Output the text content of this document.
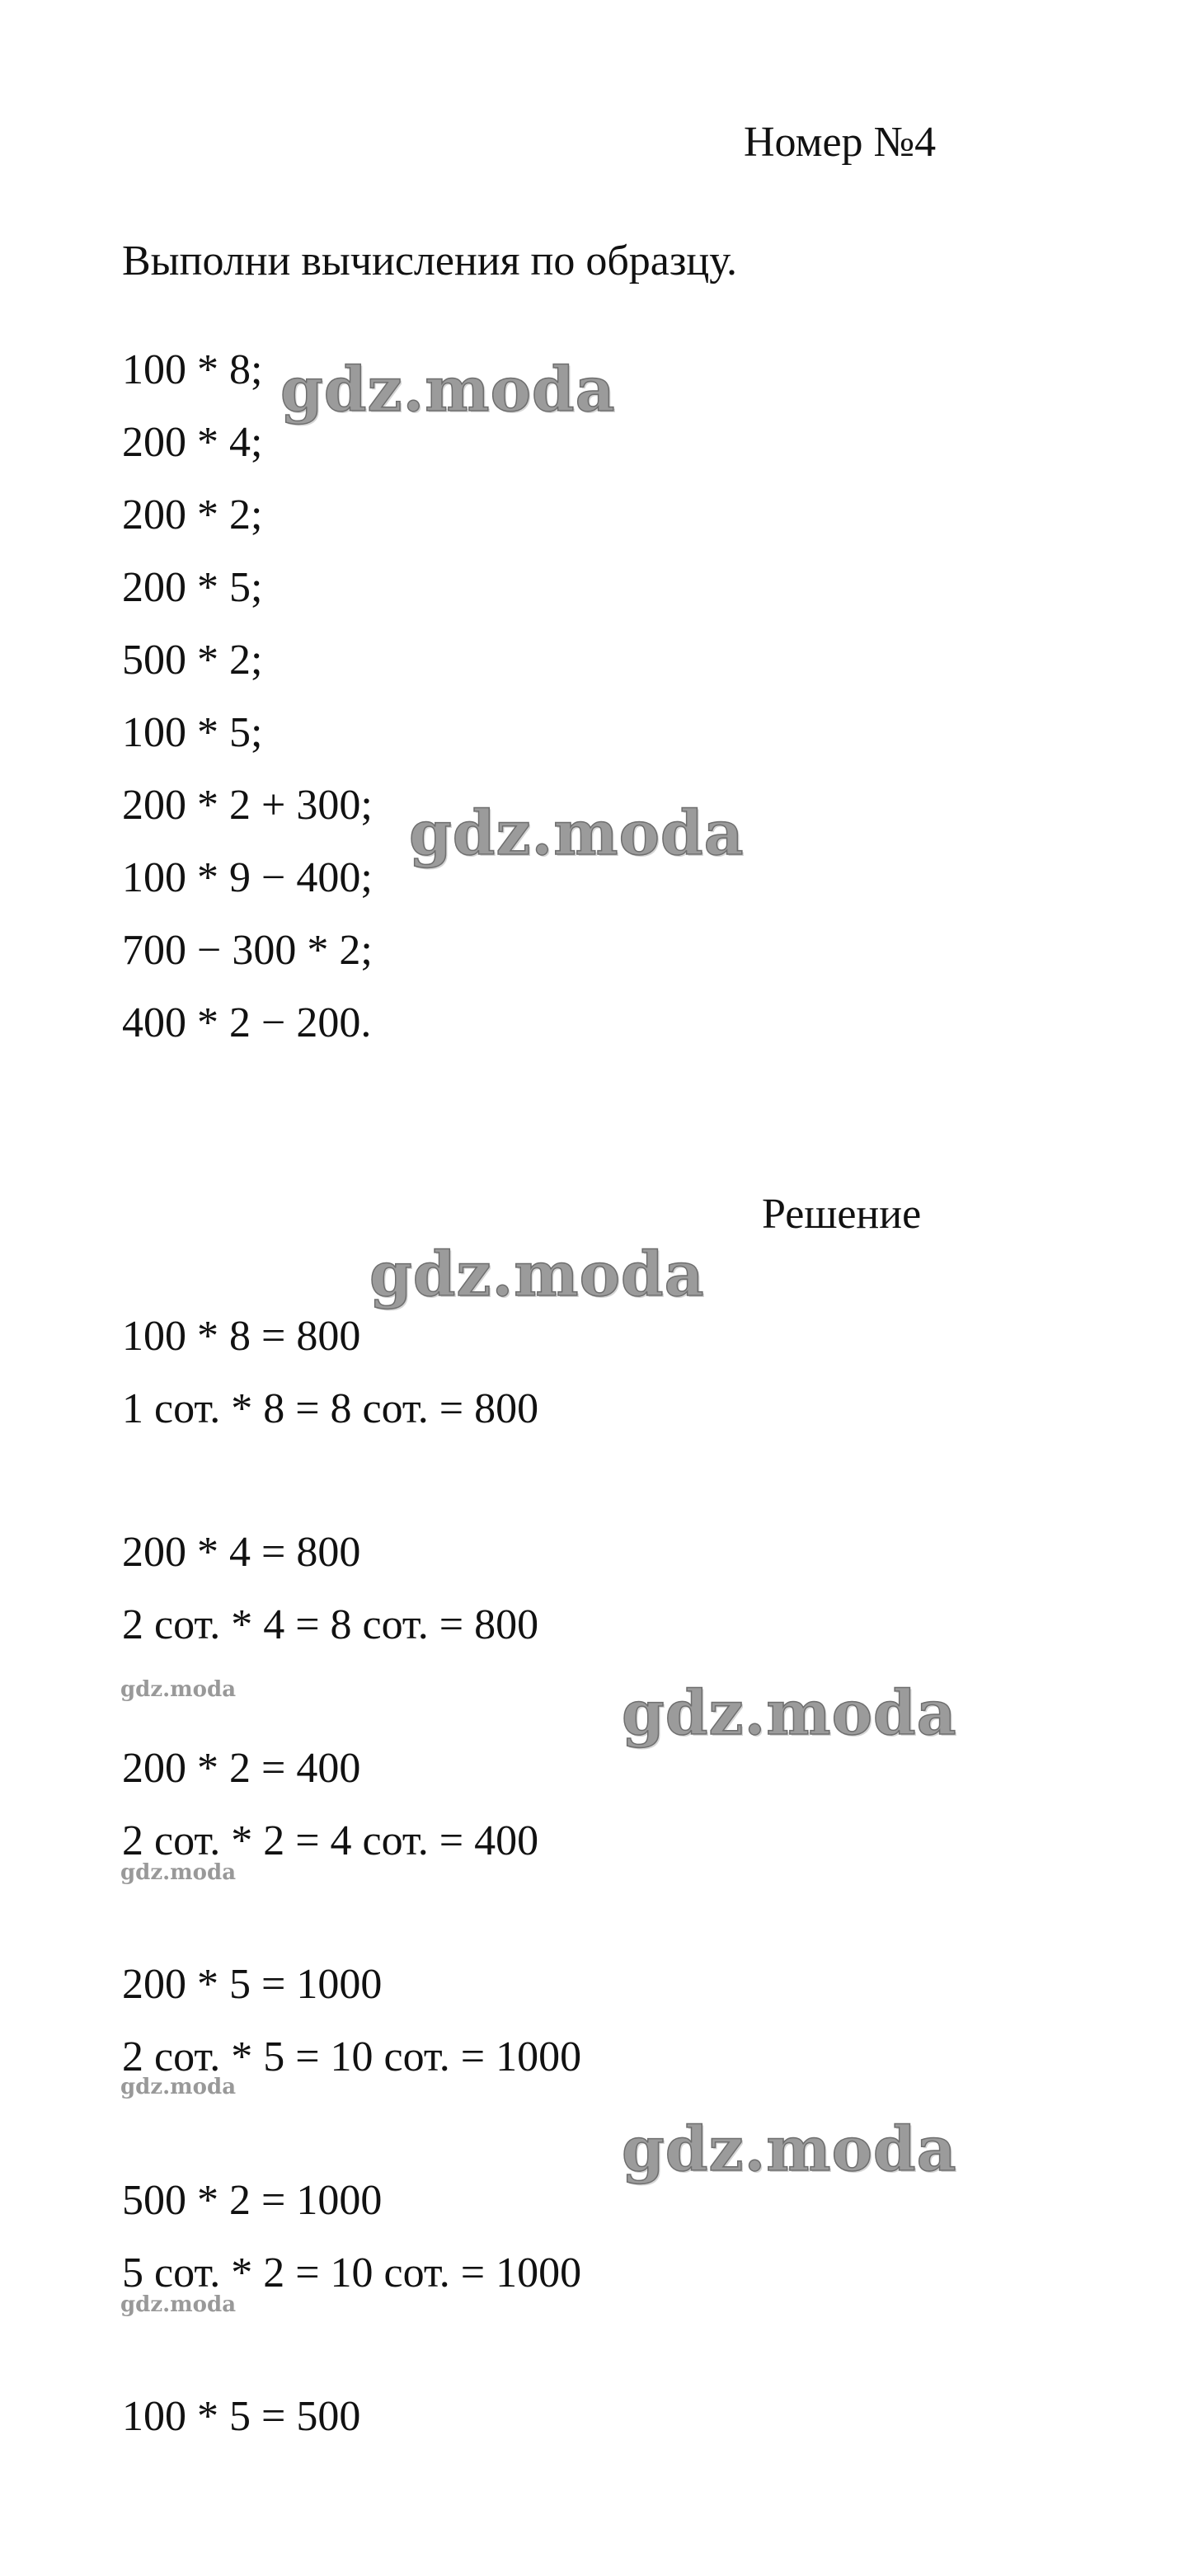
Номер №4
Выполни вычисления по образцу.
100 * 8;
200 * 4;
200 * 2;
200 * 5;
500 * 2;
100 * 5;
200 * 2 + 300;
100 * 9 − 400;
700 − 300 * 2;
400 * 2 − 200.
Решение
100 * 8 = 800
1 сот. * 8 = 8 сот. = 800
200 * 4 = 800
2 сот. * 4 = 8 сот. = 800
200 * 2 = 400
2 сот. * 2 = 4 сот. = 400
200 * 5 = 1000
2 сот. * 5 = 10 сот. = 1000
500 * 2 = 1000
5 сот. * 2 = 10 сот. = 1000
100 * 5 = 500
gdz.moda
gdz.moda
gdz.moda
gdz.moda
gdz.moda
gdz.moda
gdz.moda
gdz.moda
gdz.moda
